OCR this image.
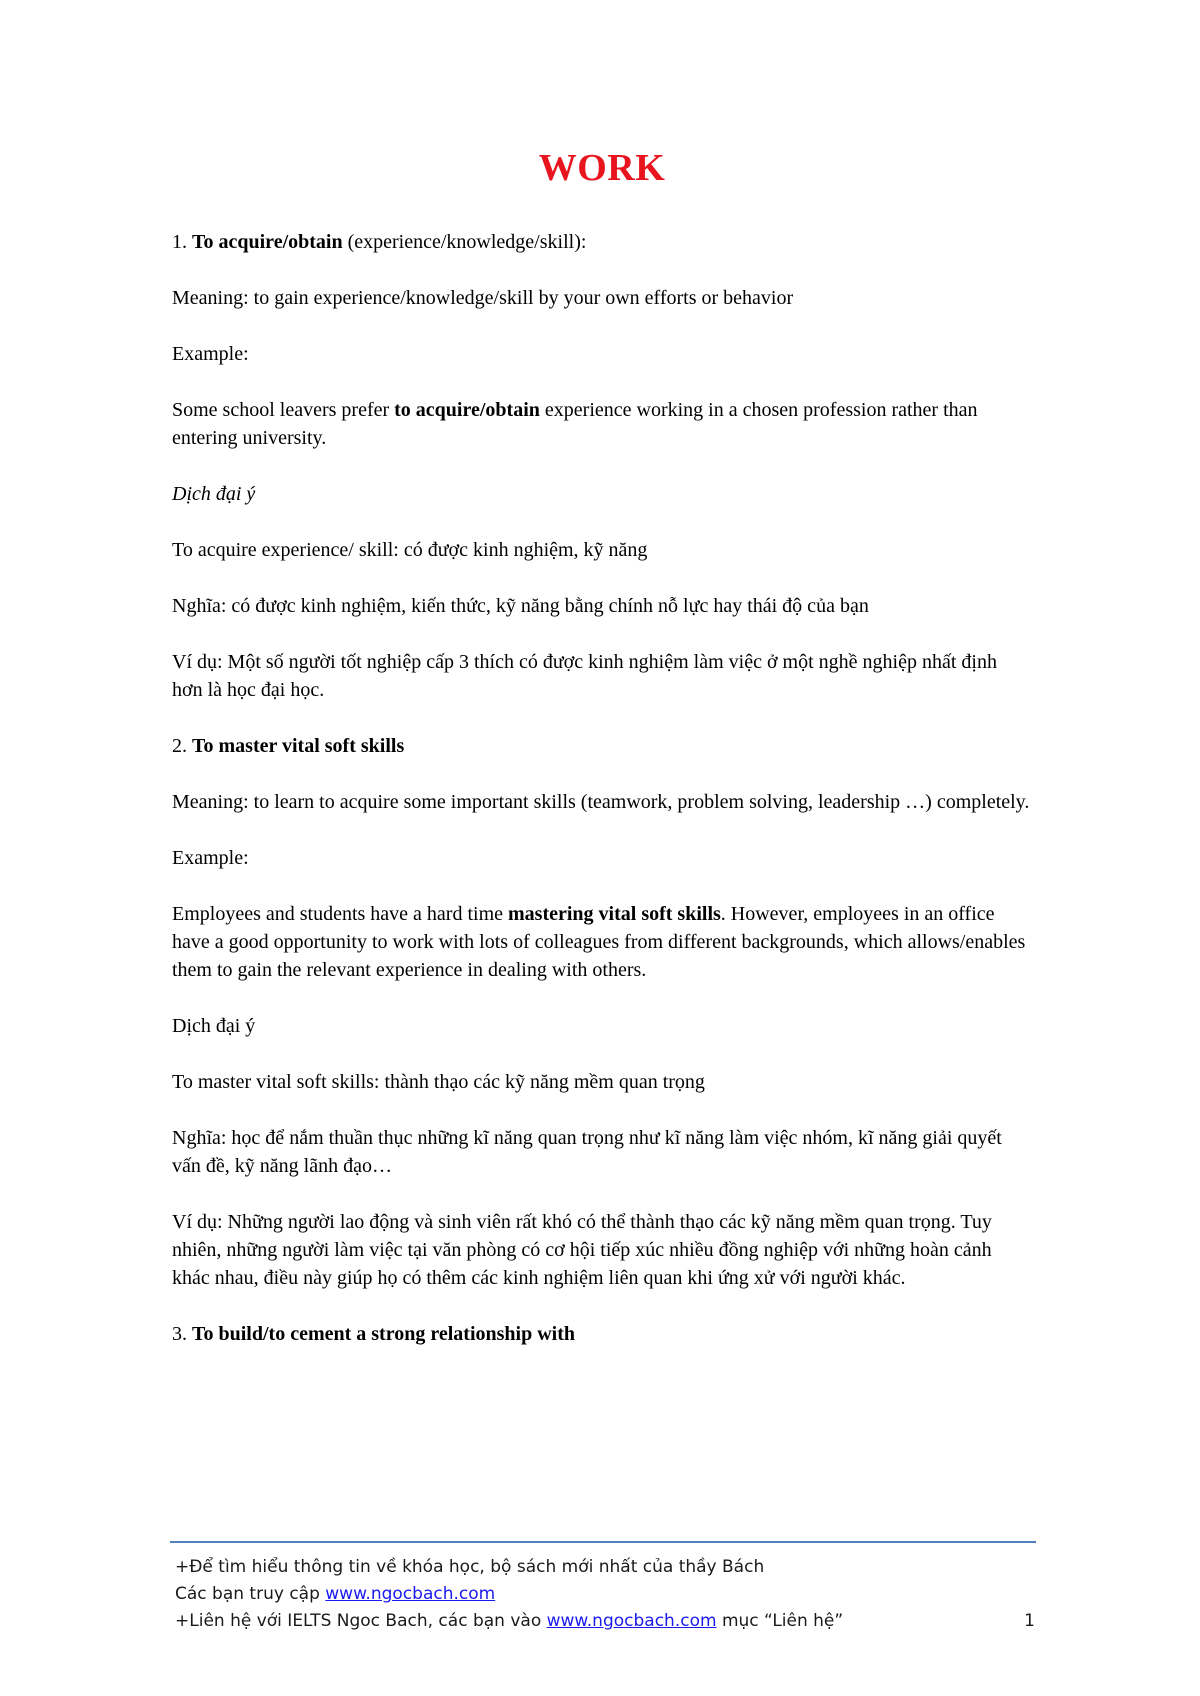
WORK

1. To acquire/obtain (experience/knowledge/skill):

Meaning: to gain experience/knowledge/skill by your own efforts or behavior

Example:

Some school leavers prefer to acquire/obtain experience working in a chosen profession rather than entering university.

Dịch đại ý

To acquire experience/ skill: có được kinh nghiệm, kỹ năng

Nghĩa: có được kinh nghiệm, kiến thức, kỹ năng bằng chính nỗ lực hay thái độ của bạn

Ví dụ: Một số người tốt nghiệp cấp 3 thích có được kinh nghiệm làm việc ở một nghề nghiệp nhất định hơn là học đại học.

2. To master vital soft skills

Meaning: to learn to acquire some important skills (teamwork, problem solving, leadership …) completely.

Example:

Employees and students have a hard time mastering vital soft skills. However, employees in an office have a good opportunity to work with lots of colleagues from different backgrounds, which allows/enables them to gain the relevant experience in dealing with others.

Dịch đại ý

To master vital soft skills: thành thạo các kỹ năng mềm quan trọng

Nghĩa: học để nắm thuần thục những kĩ năng quan trọng như kĩ năng làm việc nhóm, kĩ năng giải quyết vấn đề, kỹ năng lãnh đạo…

Ví dụ: Những người lao động và sinh viên rất khó có thể thành thạo các kỹ năng mềm quan trọng. Tuy nhiên, những người làm việc tại văn phòng có cơ hội tiếp xúc nhiều đồng nghiệp với những hoàn cảnh khác nhau, điều này giúp họ có thêm các kinh nghiệm liên quan khi ứng xử với người khác.

3. To build/to cement a strong relationship with

+Để tìm hiểu thông tin về khóa học, bộ sách mới nhất của thầy Bách
Các bạn truy cập www.ngocbach.com
+Liên hệ với IELTS Ngoc Bach, các bạn vào www.ngocbach.com mục “Liên hệ”	1
